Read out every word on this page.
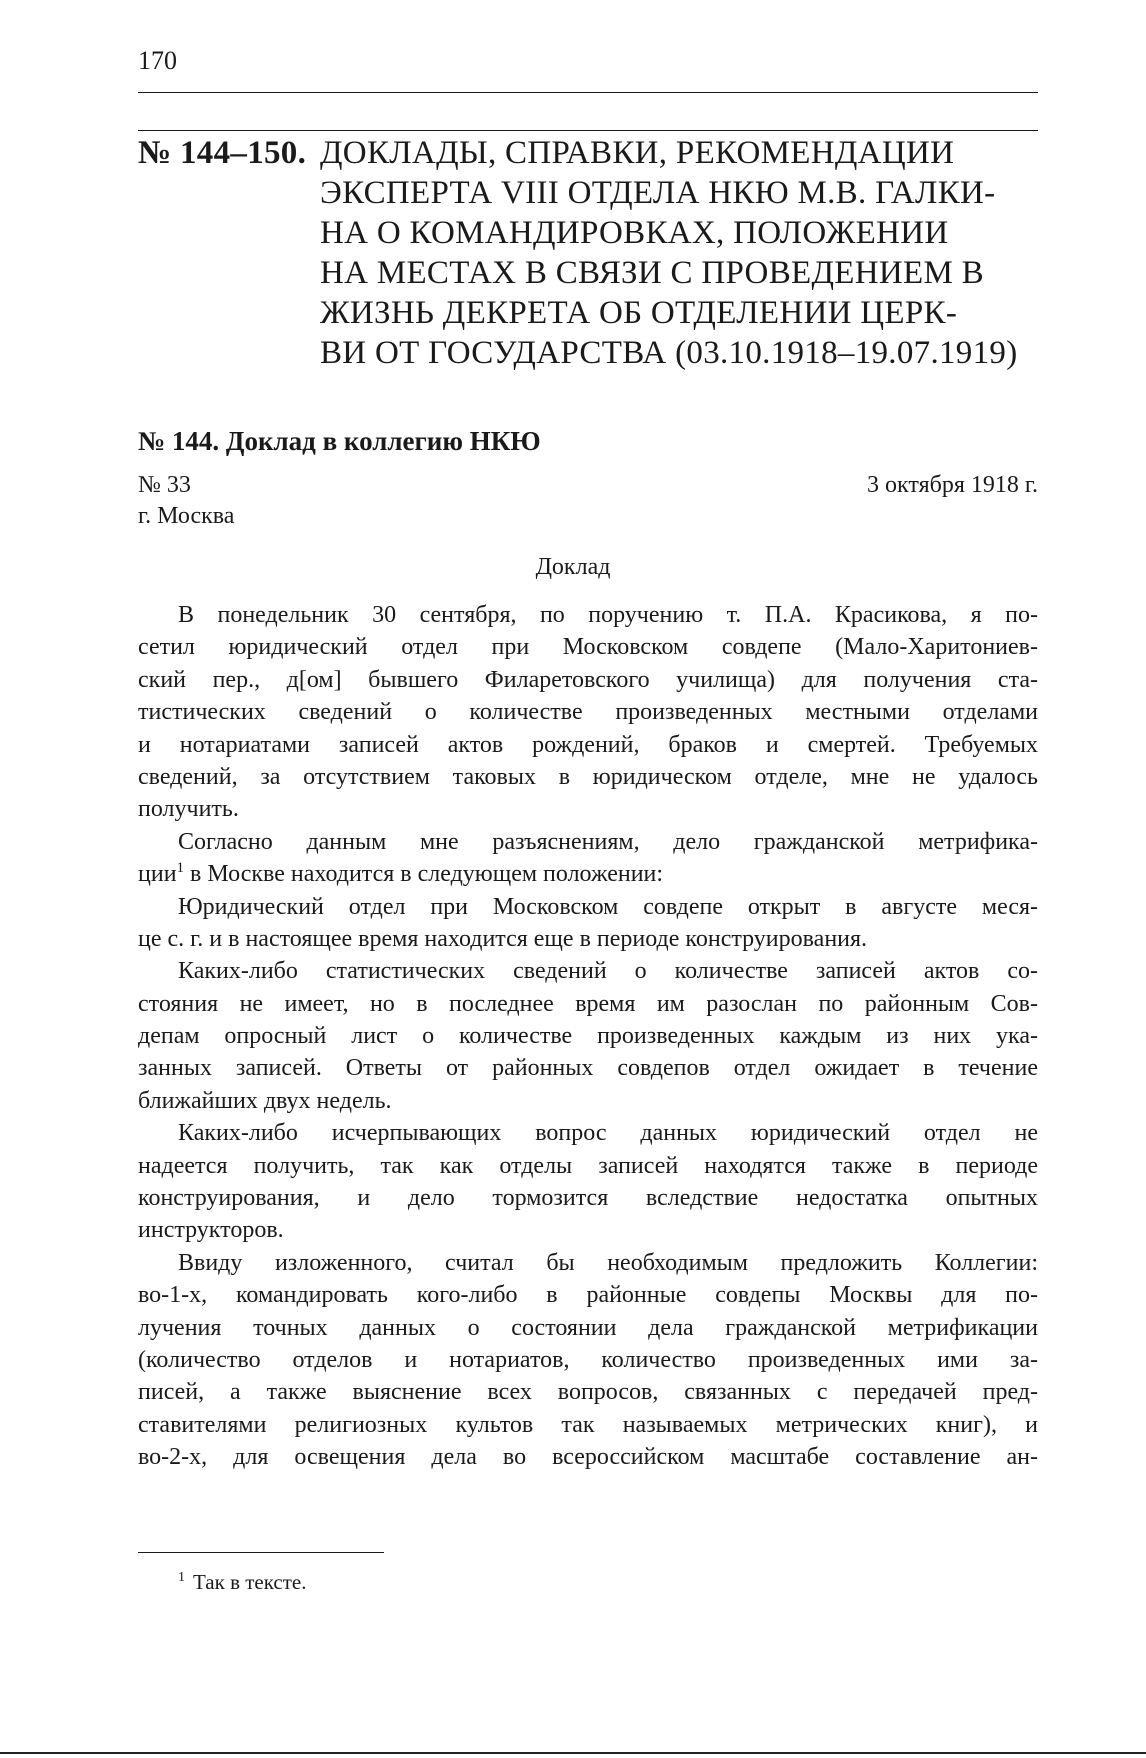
170
№ 144–150. ДОКЛАДЫ, СПРАВКИ, РЕКОМЕНДАЦИИ
ЭКСПЕРТА VIII ОТДЕЛА НКЮ М.В. ГАЛКИ-
НА О КОМАНДИРОВКАХ, ПОЛОЖЕНИИ
НА МЕСТАХ В СВЯЗИ С ПРОВЕДЕНИЕМ В
ЖИЗНЬ ДЕКРЕТА ОБ ОТДЕЛЕНИИ ЦЕРК-
ВИ ОТ ГОСУДАРСТВА (03.10.1918–19.07.1919)
№ 144. Доклад в коллегию НКЮ
№ 33
г. Москва
3 октября 1918 г.
Доклад
В понедельник 30 сентября, по поручению т. П.А. Красикова, я по-
сетил юридический отдел при Московском совдепе (Мало-Харитониев-
ский пер., д[ом] бывшего Филаретовского училища) для получения ста-
тистических сведений о количестве произведенных местными отделами
и нотариатами записей актов рождений, браков и смертей. Требуемых
сведений, за отсутствием таковых в юридическом отделе, мне не удалось
получить.
Согласно данным мне разъяснениям, дело гражданской метрифика-
ции$^1$ в Москве находится в следующем положении:
Юридический отдел при Московском совдепе открыт в августе меся-
це с. г. и в настоящее время находится еще в периоде конструирования.
Каких-либо статистических сведений о количестве записей актов со-
стояния не имеет, но в последнее время им разослан по районным Сов-
депам опросный лист о количестве произведенных каждым из них ука-
занных записей. Ответы от районных совдепов отдел ожидает в течение
ближайших двух недель.
Каких-либо исчерпывающих вопрос данных юридический отдел не
надеется получить, так как отделы записей находятся также в периоде
конструирования, и дело тормозится вследствие недостатка опытных
инструкторов.
Ввиду изложенного, считал бы необходимым предложить Коллегии:
во-1-х, командировать кого-либо в районные совдепы Москвы для по-
лучения точных данных о состоянии дела гражданской метрификации
(количество отделов и нотариатов, количество произведенных ими за-
писей, а также выяснение всех вопросов, связанных с передачей пред-
ставителями религиозных культов так называемых метрических книг), и
во-2-х, для освещения дела во всероссийском масштабе составление ан-
$^1$ Так в тексте.
